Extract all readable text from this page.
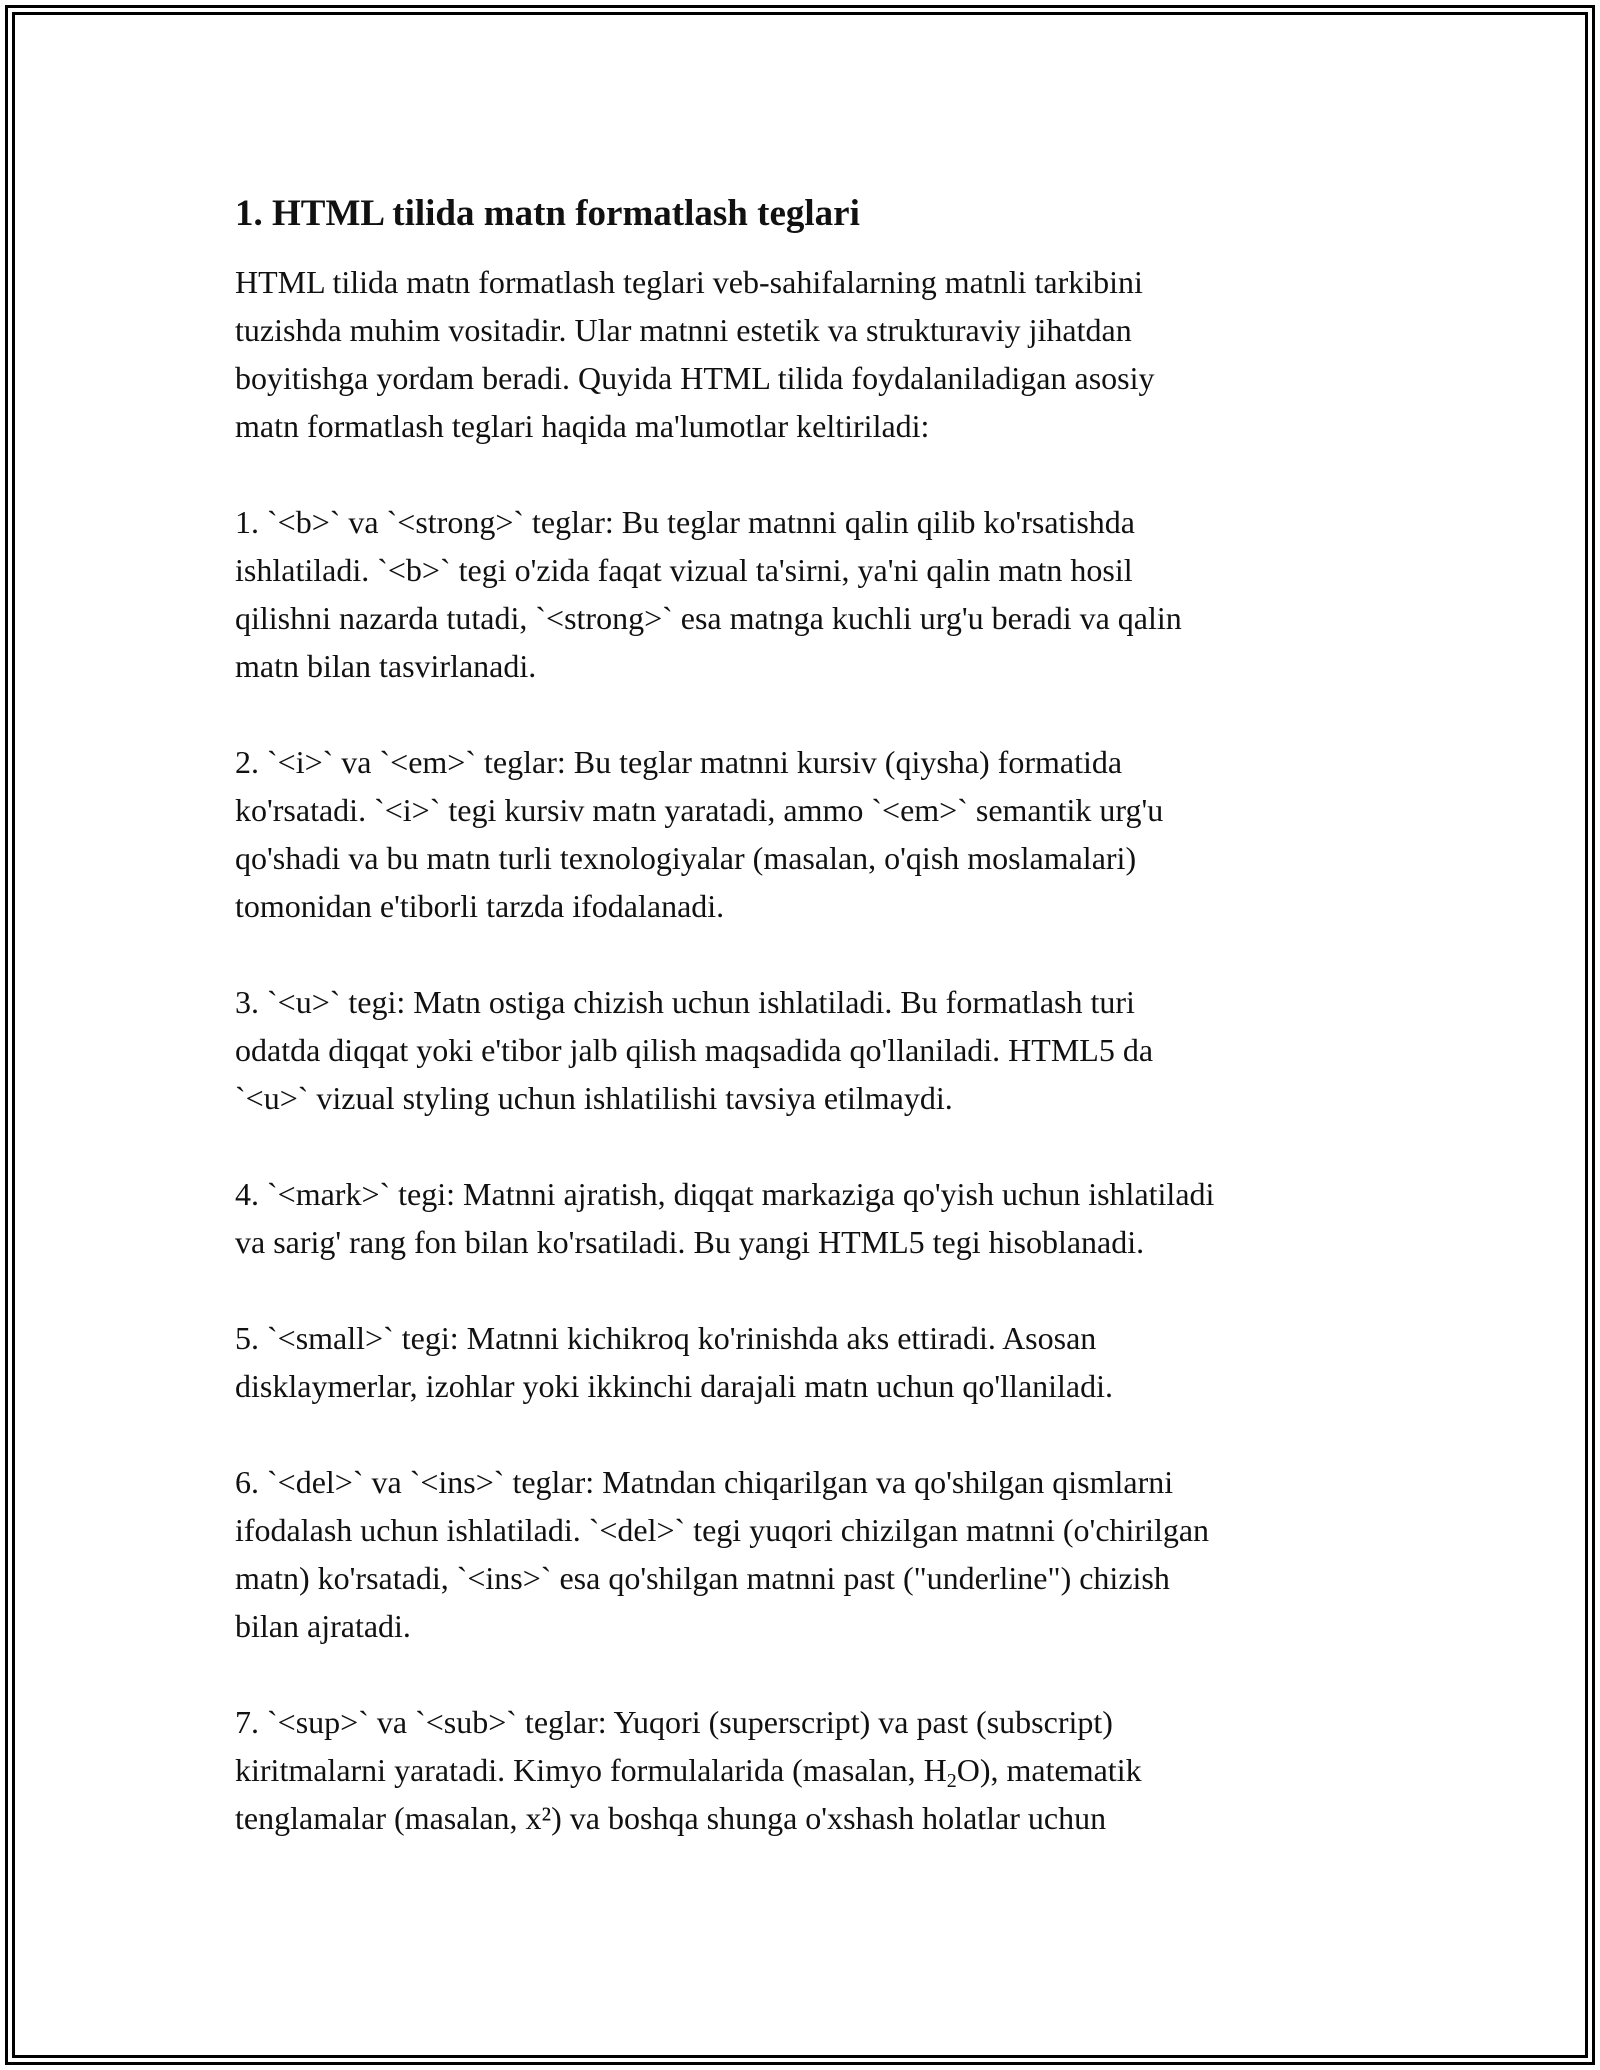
1. HTML tilida matn formatlash teglari

HTML tilida matn formatlash teglari veb-sahifalarning matnli tarkibini
tuzishda muhim vositadir. Ular matnni estetik va strukturaviy jihatdan
boyitishga yordam beradi. Quyida HTML tilida foydalaniladigan asosiy
matn formatlash teglari haqida ma'lumotlar keltiriladi:

1. `<b>` va `<strong>` teglar: Bu teglar matnni qalin qilib ko'rsatishda
ishlatiladi. `<b>` tegi o'zida faqat vizual ta'sirni, ya'ni qalin matn hosil
qilishni nazarda tutadi, `<strong>` esa matnga kuchli urg'u beradi va qalin
matn bilan tasvirlanadi.

2. `<i>` va `<em>` teglar: Bu teglar matnni kursiv (qiysha) formatida
ko'rsatadi. `<i>` tegi kursiv matn yaratadi, ammo `<em>` semantik urg'u
qo'shadi va bu matn turli texnologiyalar (masalan, o'qish moslamalari)
tomonidan e'tiborli tarzda ifodalanadi.

3. `<u>` tegi: Matn ostiga chizish uchun ishlatiladi. Bu formatlash turi
odatda diqqat yoki e'tibor jalb qilish maqsadida qo'llaniladi. HTML5 da
`<u>` vizual styling uchun ishlatilishi tavsiya etilmaydi.

4. `<mark>` tegi: Matnni ajratish, diqqat markaziga qo'yish uchun ishlatiladi
va sarig' rang fon bilan ko'rsatiladi. Bu yangi HTML5 tegi hisoblanadi.

5. `<small>` tegi: Matnni kichikroq ko'rinishda aks ettiradi. Asosan
disklaymerlar, izohlar yoki ikkinchi darajali matn uchun qo'llaniladi.

6. `<del>` va `<ins>` teglar: Matndan chiqarilgan va qo'shilgan qismlarni
ifodalash uchun ishlatiladi. `<del>` tegi yuqori chizilgan matnni (o'chirilgan
matn) ko'rsatadi, `<ins>` esa qo'shilgan matnni past ("underline") chizish
bilan ajratadi.

7. `<sup>` va `<sub>` teglar: Yuqori (superscript) va past (subscript)
kiritmalarni yaratadi. Kimyo formulalarida (masalan, H2O), matematik
tenglamalar (masalan, x²) va boshqa shunga o'xshash holatlar uchun
